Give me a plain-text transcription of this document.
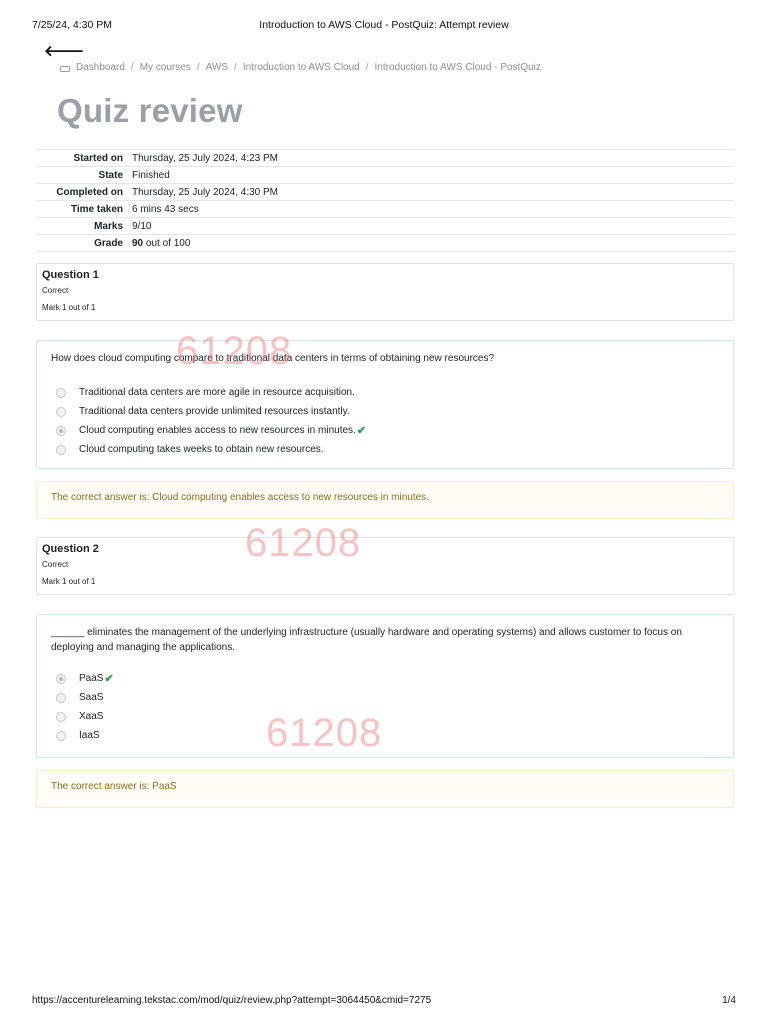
7/25/24, 4:30 PM	Introduction to AWS Cloud - PostQuiz: Attempt review
🡐
Dashboard / My courses / AWS / Introduction to AWS Cloud / Introduction to AWS Cloud - PostQuiz
Quiz review
Started on	Thursday, 25 July 2024, 4:23 PM
State	Finished
Completed on	Thursday, 25 July 2024, 4:30 PM
Time taken	6 mins 43 secs
Marks	9/10
Grade	90 out of 100
Question 1
Correct
Mark 1 out of 1
How does cloud computing compare to traditional data centers in terms of obtaining new resources?
Traditional data centers are more agile in resource acquisition.
Traditional data centers provide unlimited resources instantly.
Cloud computing enables access to new resources in minutes. ✔
Cloud computing takes weeks to obtain new resources.
The correct answer is: Cloud computing enables access to new resources in minutes.
Question 2
Correct
Mark 1 out of 1
______ eliminates the management of the underlying infrastructure (usually hardware and operating systems) and allows customer to focus on deploying and managing the applications.
PaaS ✔
SaaS
XaaS
IaaS
The correct answer is: PaaS
61208
61208
61208
https://accenturelearning.tekstac.com/mod/quiz/review.php?attempt=3064450&cmid=7275	1/4
